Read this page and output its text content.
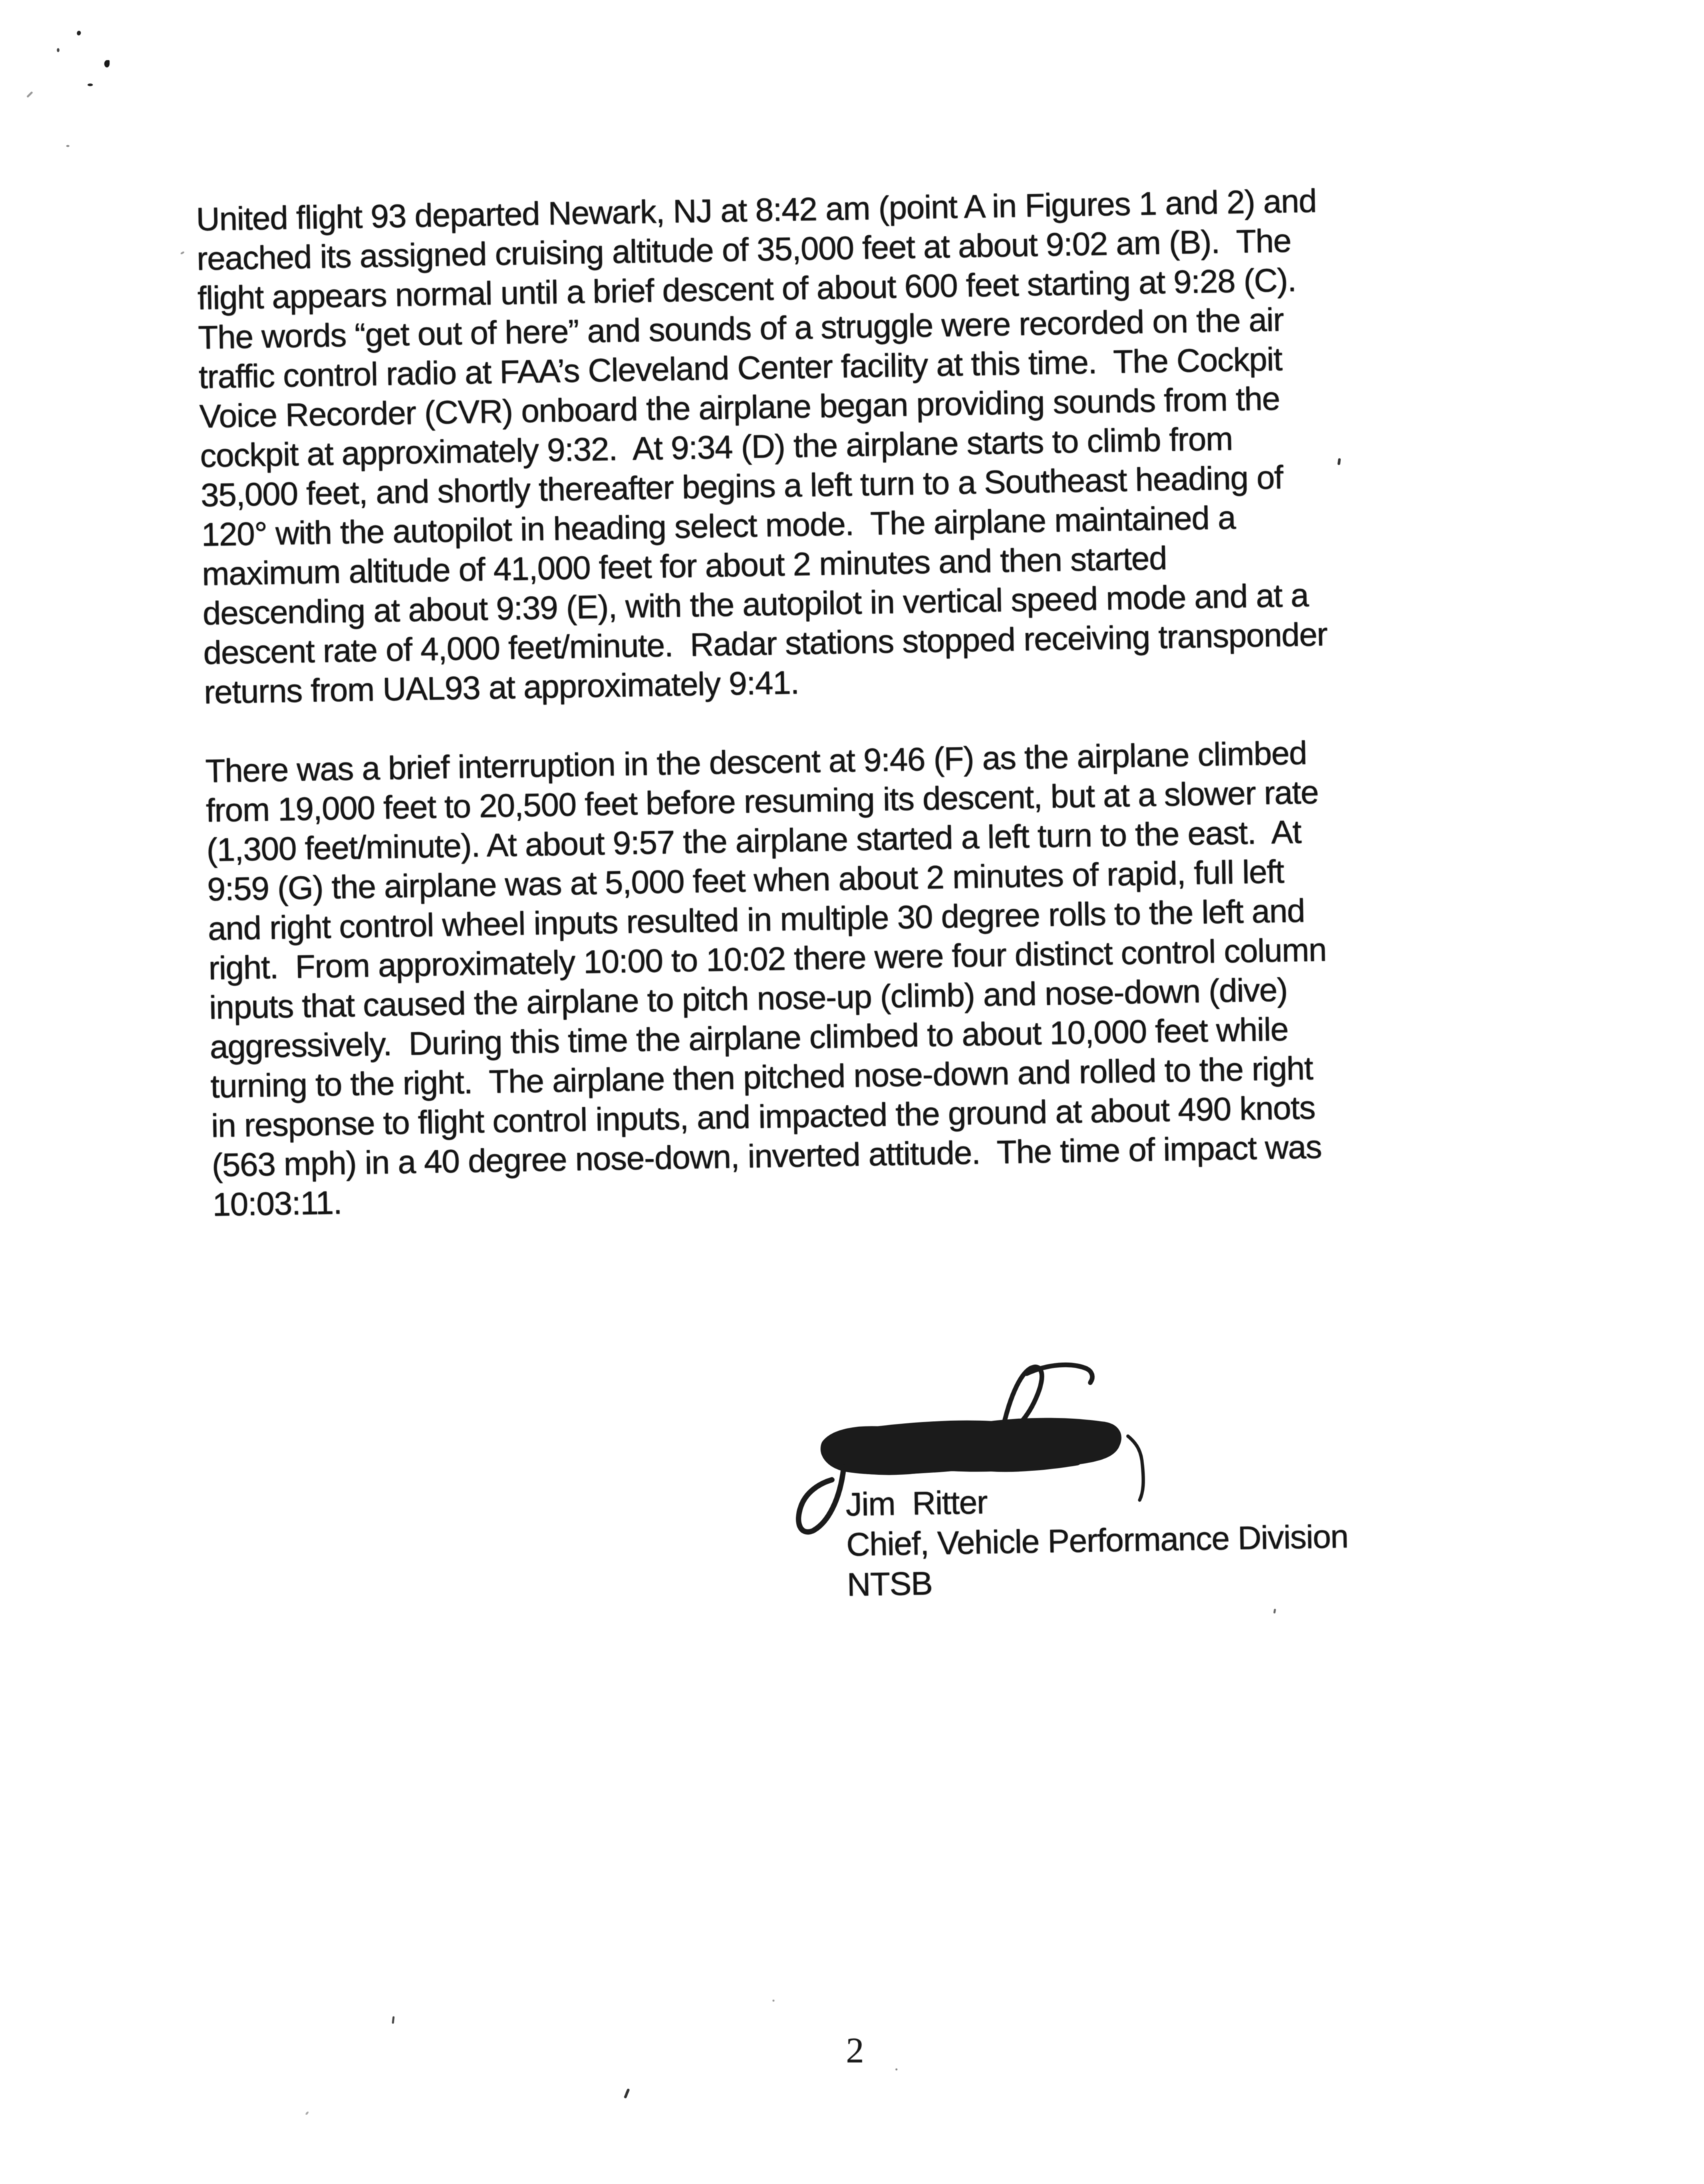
United flight 93 departed Newark, NJ at 8:42 am (point A in Figures 1 and 2) and
reached its assigned cruising altitude of 35,000 feet at about 9:02 am (B).  The
flight appears normal until a brief descent of about 600 feet starting at 9:28 (C).
The words “get out of here” and sounds of a struggle were recorded on the air
traffic control radio at FAA’s Cleveland Center facility at this time.  The Cockpit
Voice Recorder (CVR) onboard the airplane began providing sounds from the
cockpit at approximately 9:32.  At 9:34 (D) the airplane starts to climb from
35,000 feet, and shortly thereafter begins a left turn to a Southeast heading of
120° with the autopilot in heading select mode.  The airplane maintained a
maximum altitude of 41,000 feet for about 2 minutes and then started
descending at about 9:39 (E), with the autopilot in vertical speed mode and at a
descent rate of 4,000 feet/minute.  Radar stations stopped receiving transponder
returns from UAL93 at approximately 9:41.
There was a brief interruption in the descent at 9:46 (F) as the airplane climbed
from 19,000 feet to 20,500 feet before resuming its descent, but at a slower rate
(1,300 feet/minute). At about 9:57 the airplane started a left turn to the east.  At
9:59 (G) the airplane was at 5,000 feet when about 2 minutes of rapid, full left
and right control wheel inputs resulted in multiple 30 degree rolls to the left and
right.  From approximately 10:00 to 10:02 there were four distinct control column
inputs that caused the airplane to pitch nose-up (climb) and nose-down (dive)
aggressively.  During this time the airplane climbed to about 10,000 feet while
turning to the right.  The airplane then pitched nose-down and rolled to the right
in response to flight control inputs, and impacted the ground at about 490 knots
(563 mph) in a 40 degree nose-down, inverted attitude.  The time of impact was
10:03:11.
Jim  Ritter
Chief, Vehicle Performance Division
NTSB
2
